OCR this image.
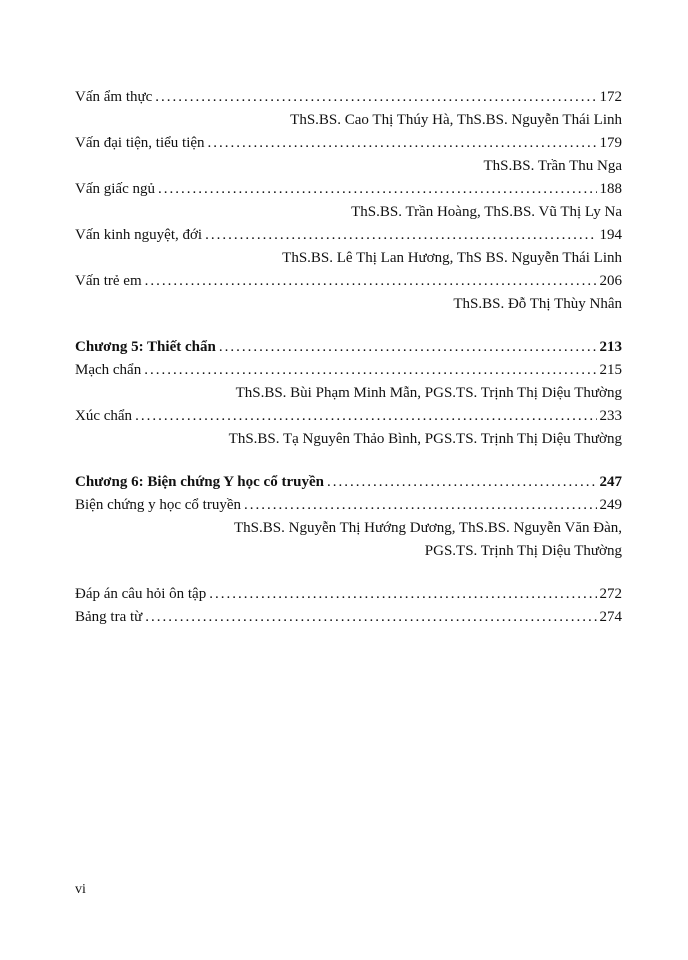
Vấn ẩm thực .....	172
ThS.BS. Cao Thị Thúy Hà, ThS.BS. Nguyễn Thái Linh
Vấn đại tiện, tiểu tiện .....	179
ThS.BS. Trần Thu Nga
Vấn giấc ngủ .....	188
ThS.BS. Trần Hoàng, ThS.BS. Vũ Thị Ly Na
Vấn kinh nguyệt, đới .....	194
ThS.BS. Lê Thị Lan Hương, ThS BS. Nguyễn Thái Linh
Vấn trẻ em .....	206
ThS.BS. Đỗ Thị Thùy Nhân
Chương 5: Thiết chẩn .....	213
Mạch chẩn .....	215
ThS.BS. Bùi Phạm Minh Mẫn, PGS.TS. Trịnh Thị Diệu Thường
Xúc chẩn .....	233
ThS.BS. Tạ Nguyên Thảo Bình, PGS.TS. Trịnh Thị Diệu Thường
Chương 6: Biện chứng Y học cổ truyền .....	247
Biện chứng y học cổ truyền .....	249
ThS.BS. Nguyễn Thị Hướng Dương, ThS.BS. Nguyễn Văn Đàn,
PGS.TS. Trịnh Thị Diệu Thường
Đáp án câu hỏi ôn tập .....	272
Bảng tra từ .....	274
vi
